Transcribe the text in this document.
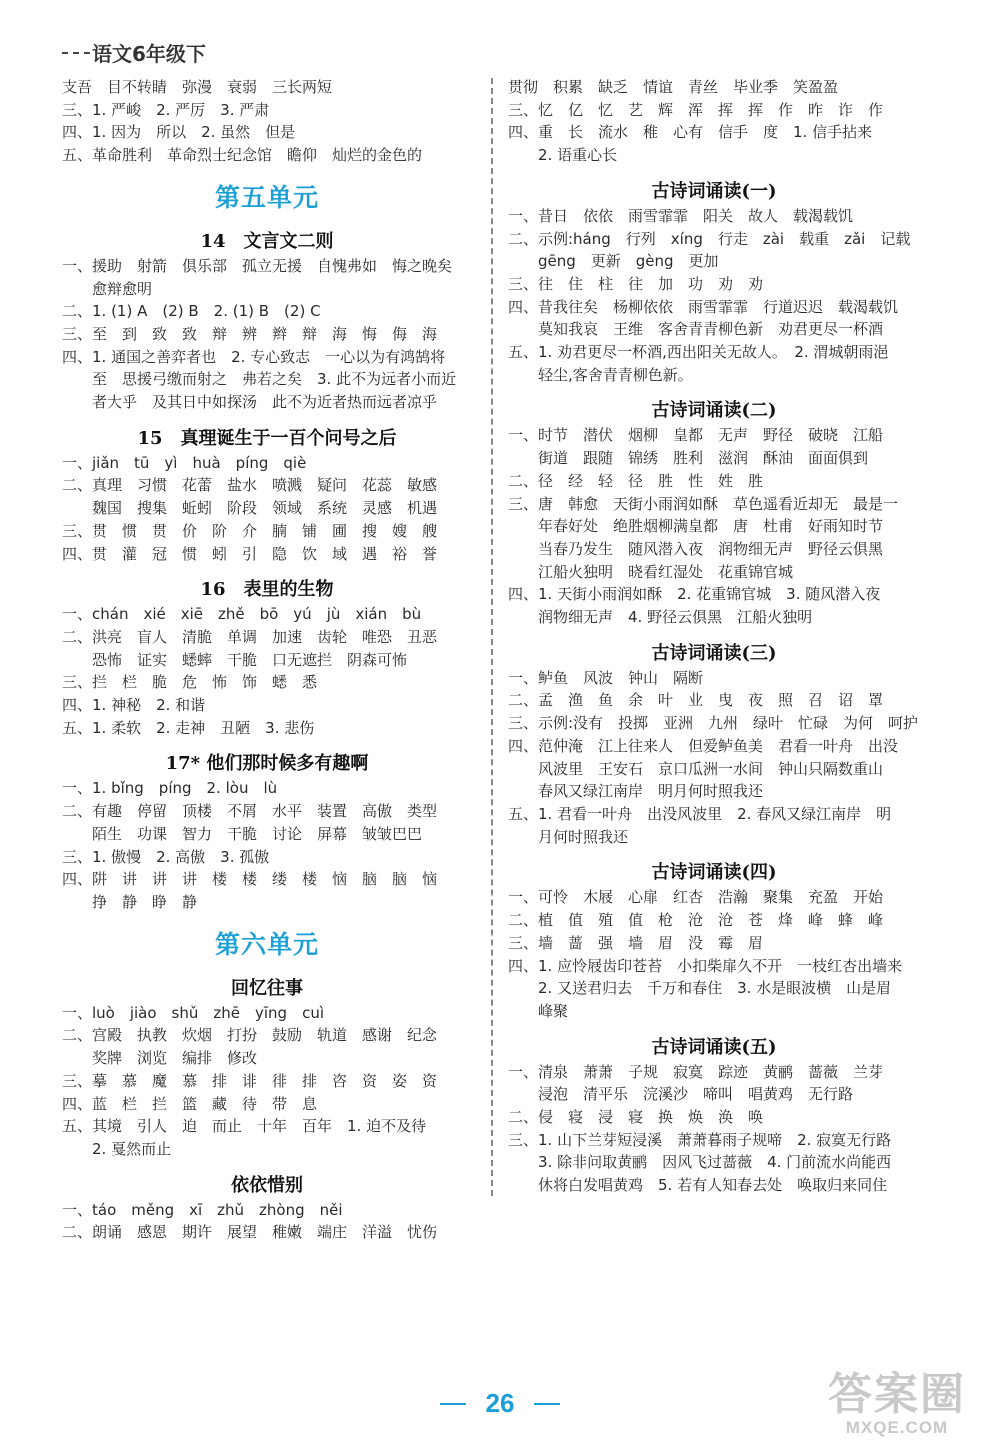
语文6年级下
支吾　目不转睛　弥漫　衰弱　三长两短
三、1. 严峻　2. 严厉　3. 严肃
四、1. 因为　所以　2. 虽然　但是
五、革命胜利　革命烈士纪念馆　瞻仰　灿烂的金色的
第五单元
14　文言文二则
一、援助　射箭　俱乐部　孤立无援　自愧弗如　悔之晚矣
　　愈辩愈明
二、1. (1) A　(2) B　2. (1) B　(2) C
三、至　到　致　致　辩　辨　辫　辩　海　悔　侮　海
四、1. 通国之善弈者也　2. 专心致志　一心以为有鸿鹄将
　　至　思援弓缴而射之　弗若之矣　3. 此不为远者小而近
　　者大乎　及其日中如探汤　此不为近者热而远者凉乎
15　真理诞生于一百个问号之后
一、jiǎn　tū　yì　huà　píng　qiè
二、真理　习惯　花蕾　盐水　喷溅　疑问　花蕊　敏感
　　魏国　搜集　蚯蚓　阶段　领域　系统　灵感　机遇
三、贯　惯　贯　价　阶　介　腩　铺　圃　搜　嫂　艘
四、贯　灌　冠　惯　蚓　引　隐　饮　域　遇　裕　誉
16　表里的生物
一、chán　xié　xiē　zhě　bō　yú　jù　xián　bù
二、洪亮　盲人　清脆　单调　加速　齿轮　唯恐　丑恶
　　恐怖　证实　蟋蟀　干脆　口无遮拦　阴森可怖
三、拦　栏　脆　危　怖　饰　蟋　悉
四、1. 神秘　2. 和谐
五、1. 柔软　2. 走神　丑陋　3. 悲伤
17* 他们那时候多有趣啊
一、1. bǐng　píng　2. lòu　lù
二、有趣　停留　顶楼　不屑　水平　装置　高傲　类型
　　陌生　功课　智力　干脆　讨论　屏幕　皱皱巴巴
三、1. 傲慢　2. 高傲　3. 孤傲
四、阱　讲　讲　讲　楼　楼　缕　楼　恼　脑　脑　恼
　　挣　静　睁　静
第六单元
回忆往事
一、luò　jiào　shǔ　zhē　yīng　cuì
二、宫殿　执教　炊烟　打扮　鼓励　轨道　感谢　纪念
　　奖牌　浏览　编排　修改
三、摹　慕　魔　慕　排　诽　徘　排　咨　资　姿　资
四、蓝　栏　拦　篮　藏　待　带　息
五、其境　引人　迫　而止　十年　百年　1. 迫不及待
　　2. 戛然而止
依依惜别
一、táo　měng　xī　zhǔ　zhòng　něi
二、朗诵　感恩　期许　展望　稚嫩　端庄　洋溢　忧伤
贯彻　积累　缺乏　情谊　青丝　毕业季　笑盈盈
三、忆　亿　忆　艺　辉　浑　挥　挥　作　昨　诈　作
四、重　长　流水　稚　心有　信手　度　1. 信手拈来
　　2. 语重心长
古诗词诵读(一)
一、昔日　依依　雨雪霏霏　阳关　故人　载渴载饥
二、示例:háng　行列　xíng　行走　zài　载重　zǎi　记载
　　gēng　更新　gèng　更加
三、往　住　柱　往　加　功　劝　劝
四、昔我往矣　杨柳依依　雨雪霏霏　行道迟迟　载渴载饥
　　莫知我哀　王维　客舍青青柳色新　劝君更尽一杯酒
五、1. 劝君更尽一杯酒,西出阳关无故人。　2. 渭城朝雨浥
　　轻尘,客舍青青柳色新。
古诗词诵读(二)
一、时节　潜伏　烟柳　皇都　无声　野径　破晓　江船
　　街道　跟随　锦绣　胜利　滋润　酥油　面面俱到
二、径　经　轻　径　胜　性　姓　胜
三、唐　韩愈　天街小雨润如酥　草色遥看近却无　最是一
　　年春好处　绝胜烟柳满皇都　唐　杜甫　好雨知时节
　　当春乃发生　随风潜入夜　润物细无声　野径云俱黑
　　江船火独明　晓看红湿处　花重锦官城
四、1. 天街小雨润如酥　2. 花重锦官城　3. 随风潜入夜
　　润物细无声　4. 野径云俱黑　江船火独明
古诗词诵读(三)
一、鲈鱼　风波　钟山　隔断
二、孟　渔　鱼　余　叶　业　曳　夜　照　召　诏　罩
三、示例:没有　投掷　亚洲　九州　绿叶　忙碌　为何　呵护
四、范仲淹　江上往来人　但爱鲈鱼美　君看一叶舟　出没
　　风波里　王安石　京口瓜洲一水间　钟山只隔数重山
　　春风又绿江南岸　明月何时照我还
五、1. 君看一叶舟　出没风波里　2. 春风又绿江南岸　明
　　月何时照我还
古诗词诵读(四)
一、可怜　木屐　心扉　红杏　浩瀚　聚集　充盈　开始
二、植　值　殖　值　枪　沧　沧　苍　烽　峰　蜂　峰
三、墙　蔷　强　墙　眉　没　霉　眉
四、1. 应怜屐齿印苍苔　小扣柴扉久不开　一枝红杏出墙来
　　2. 又送君归去　千万和春住　3. 水是眼波横　山是眉
　　峰聚
古诗词诵读(五)
一、清泉　萧萧　子规　寂寞　踪迹　黄鹂　蔷薇　兰芽
　　浸泡　清平乐　浣溪沙　啼叫　唱黄鸡　无行路
二、侵　寝　浸　寝　换　焕　涣　唤
三、1. 山下兰芽短浸溪　萧萧暮雨子规啼　2. 寂寞无行路
　　3. 除非问取黄鹂　因风飞过蔷薇　4. 门前流水尚能西
　　休将白发唱黄鸡　5. 若有人知春去处　唤取归来同住
26	答案圈
MXQE.COM
